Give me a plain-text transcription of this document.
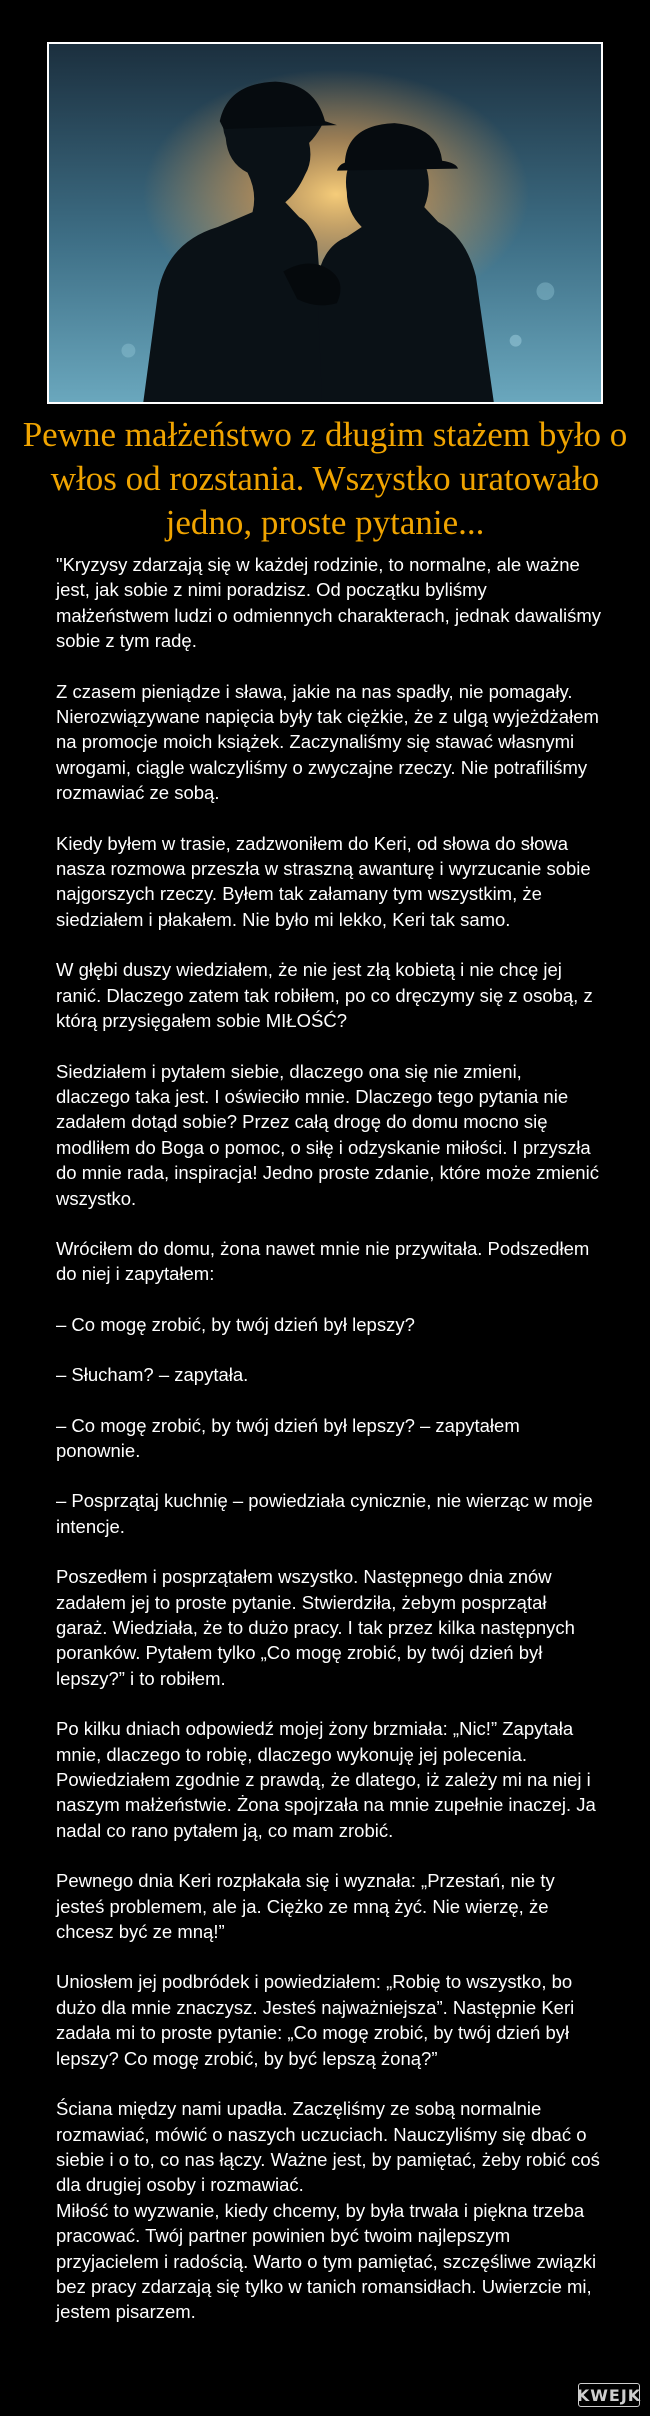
Pewne małżeństwo z długim stażem było o włos od rozstania. Wszystko uratowało jedno, proste pytanie...

"Kryzysy zdarzają się w każdej rodzinie, to normalne, ale ważne jest, jak sobie z nimi poradzisz. Od początku byliśmy małżeństwem ludzi o odmiennych charakterach, jednak dawaliśmy sobie z tym radę.

Z czasem pieniądze i sława, jakie na nas spadły, nie pomagały. Nierozwiązywane napięcia były tak ciężkie, że z ulgą wyjeżdżałem na promocje moich książek. Zaczynaliśmy się stawać własnymi wrogami, ciągle walczyliśmy o zwyczajne rzeczy. Nie potrafiliśmy rozmawiać ze sobą.

Kiedy byłem w trasie, zadzwoniłem do Keri, od słowa do słowa nasza rozmowa przeszła w straszną awanturę i wyrzucanie sobie najgorszych rzeczy. Byłem tak załamany tym wszystkim, że siedziałem i płakałem. Nie było mi lekko, Keri tak samo.

W głębi duszy wiedziałem, że nie jest złą kobietą i nie chcę jej ranić. Dlaczego zatem tak robiłem, po co dręczymy się z osobą, z którą przysięgałem sobie MIŁOŚĆ?

Siedziałem i pytałem siebie, dlaczego ona się nie zmieni, dlaczego taka jest. I oświeciło mnie. Dlaczego tego pytania nie zadałem dotąd sobie? Przez całą drogę do domu mocno się modliłem do Boga o pomoc, o siłę i odzyskanie miłości. I przyszła do mnie rada, inspiracja! Jedno proste zdanie, które może zmienić wszystko.

Wróciłem do domu, żona nawet mnie nie przywitała. Podszedłem do niej i zapytałem:

– Co mogę zrobić, by twój dzień był lepszy?

– Słucham? – zapytała.

– Co mogę zrobić, by twój dzień był lepszy? – zapytałem ponownie.

– Posprzątaj kuchnię – powiedziała cynicznie, nie wierząc w moje intencje.

Poszedłem i posprzątałem wszystko. Następnego dnia znów zadałem jej to proste pytanie. Stwierdziła, żebym posprzątał garaż. Wiedziała, że to dużo pracy. I tak przez kilka następnych poranków. Pytałem tylko „Co mogę zrobić, by twój dzień był lepszy?” i to robiłem.

Po kilku dniach odpowiedź mojej żony brzmiała: „Nic!” Zapytała mnie, dlaczego to robię, dlaczego wykonuję jej polecenia. Powiedziałem zgodnie z prawdą, że dlatego, iż zależy mi na niej i naszym małżeństwie. Żona spojrzała na mnie zupełnie inaczej. Ja nadal co rano pytałem ją, co mam zrobić.

Pewnego dnia Keri rozpłakała się i wyznała: „Przestań, nie ty jesteś problemem, ale ja. Ciężko ze mną żyć. Nie wierzę, że chcesz być ze mną!”

Uniosłem jej podbródek i powiedziałem: „Robię to wszystko, bo dużo dla mnie znaczysz. Jesteś najważniejsza”. Następnie Keri zadała mi to proste pytanie: „Co mogę zrobić, by twój dzień był lepszy? Co mogę zrobić, by być lepszą żoną?”

Ściana między nami upadła. Zaczęliśmy ze sobą normalnie rozmawiać, mówić o naszych uczuciach. Nauczyliśmy się dbać o siebie i o to, co nas łączy. Ważne jest, by pamiętać, żeby robić coś dla drugiej osoby i rozmawiać.
Miłość to wyzwanie, kiedy chcemy, by była trwała i piękna trzeba pracować. Twój partner powinien być twoim najlepszym przyjacielem i radością. Warto o tym pamiętać, szczęśliwe związki bez pracy zdarzają się tylko w tanich romansidłach. Uwierzcie mi, jestem pisarzem.

KWEJK
